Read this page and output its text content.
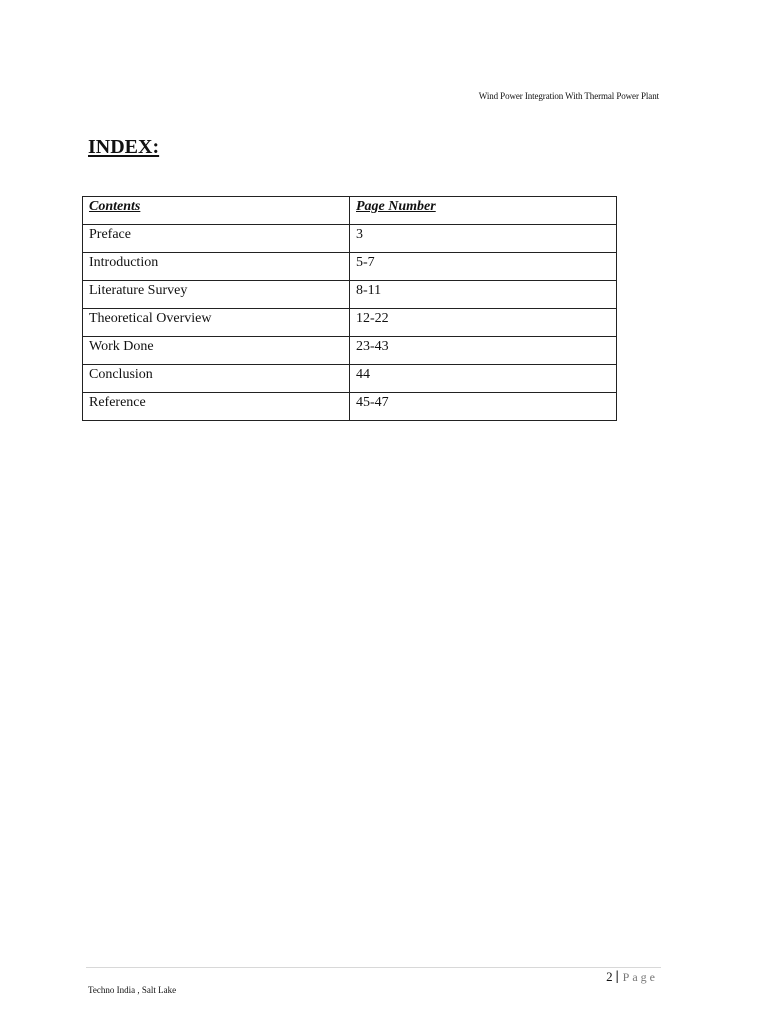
Wind Power Integration With Thermal Power Plant
INDEX:
Contents	Page Number
Preface	3
Introduction	5-7
Literature Survey	8-11
Theoretical Overview	12-22
Work Done	23-43
Conclusion	44
Reference	45-47
2 | Page
Techno India , Salt Lake
